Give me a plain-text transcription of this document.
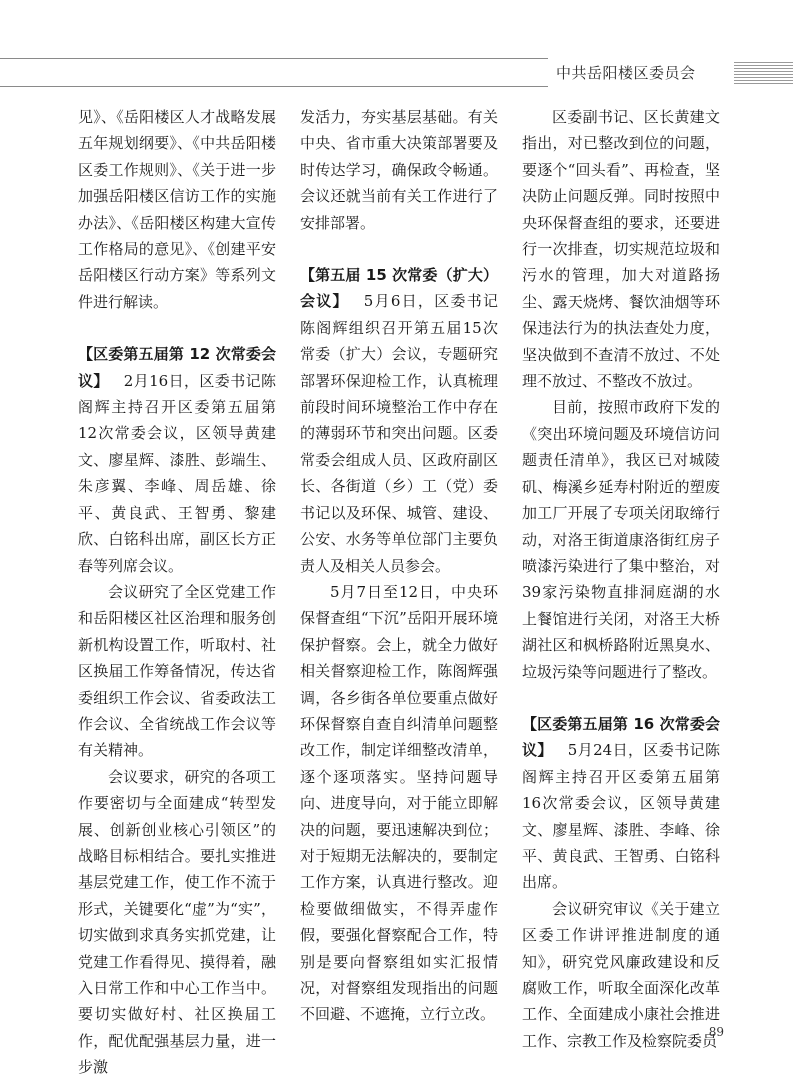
中共岳阳楼区委员会

见》、《岳阳楼区人才战略发展五年规划纲要》、《中共岳阳楼区委工作规则》、《关于进一步加强岳阳楼区信访工作的实施办法》、《岳阳楼区构建大宣传工作格局的意见》、《创建平安岳阳楼区行动方案》等系列文件进行解读。

【区委第五届第 12 次常委会议】  2月16日，区委书记陈阁辉主持召开区委第五届第12次常委会议，区领导黄建文、廖星辉、漆胜、彭端生、朱彦翼、李峰、周岳雄、徐平、黄良武、王智勇、黎建欣、白铭科出席，副区长方正春等列席会议。

会议研究了全区党建工作和岳阳楼区社区治理和服务创新机构设置工作，听取村、社区换届工作筹备情况，传达省委组织工作会议、省委政法工作会议、全省统战工作会议等有关精神。

会议要求，研究的各项工作要密切与全面建成“转型发展、创新创业核心引领区”的战略目标相结合。要扎实推进基层党建工作，使工作不流于形式，关键要化“虚”为“实”，切实做到求真务实抓党建，让党建工作看得见、摸得着，融入日常工作和中心工作当中。要切实做好村、社区换届工作，配优配强基层力量，进一步激

发活力，夯实基层基础。有关中央、省市重大决策部署要及时传达学习，确保政令畅通。会议还就当前有关工作进行了安排部署。

【第五届 15 次常委（扩大）会议】  5月6日，区委书记陈阁辉组织召开第五届15次常委（扩大）会议，专题研究部署环保迎检工作，认真梳理前段时间环境整治工作中存在的薄弱环节和突出问题。区委常委会组成人员、区政府副区长、各街道（乡）工（党）委书记以及环保、城管、建设、公安、水务等单位部门主要负责人及相关人员参会。

5月7日至12日，中央环保督查组“下沉”岳阳开展环境保护督察。会上，就全力做好相关督察迎检工作，陈阁辉强调，各乡街各单位要重点做好环保督察自查自纠清单问题整改工作，制定详细整改清单，逐个逐项落实。坚持问题导向、进度导向，对于能立即解决的问题，要迅速解决到位；对于短期无法解决的，要制定工作方案，认真进行整改。迎检要做细做实，不得弄虚作假，要强化督察配合工作，特别是要向督察组如实汇报情况，对督察组发现指出的问题不回避、不遮掩，立行立改。

区委副书记、区长黄建文指出，对已整改到位的问题，要逐个“回头看”、再检查，坚决防止问题反弹。同时按照中央环保督查组的要求，还要进行一次排查，切实规范垃圾和污水的管理，加大对道路扬尘、露天烧烤、餐饮油烟等环保违法行为的执法查处力度，坚决做到不查清不放过、不处理不放过、不整改不放过。

目前，按照市政府下发的《突出环境问题及环境信访问题责任清单》，我区已对城陵矶、梅溪乡延寿村附近的塑废加工厂开展了专项关闭取缔行动，对洛王街道康洛街红房子喷漆污染进行了集中整治，对39家污染物直排洞庭湖的水上餐馆进行关闭，对洛王大桥湖社区和枫桥路附近黑臭水、垃圾污染等问题进行了整改。

【区委第五届第 16 次常委会议】  5月24日，区委书记陈阁辉主持召开区委第五届第16次常委会议，区领导黄建文、廖星辉、漆胜、李峰、徐平、黄良武、王智勇、白铭科出席。

会议研究审议《关于建立区委工作讲评推进制度的通知》，研究党风廉政建设和反腐败工作，听取全面深化改革工作、全面建成小康社会推进工作、宗教工作及检察院委员

89
